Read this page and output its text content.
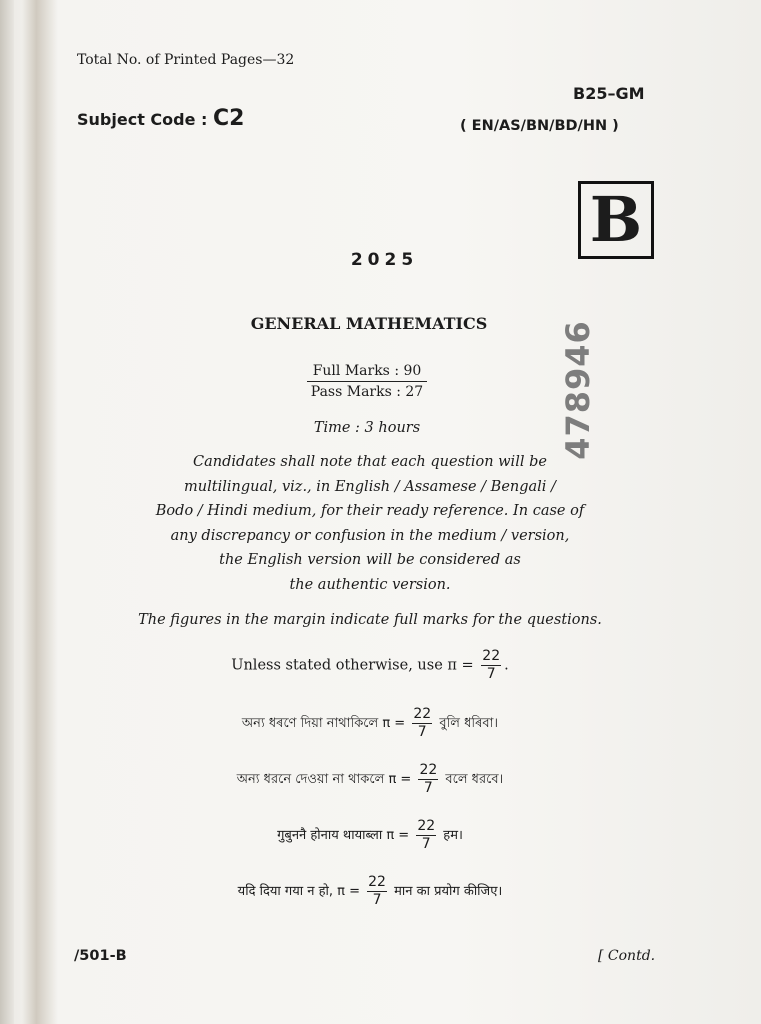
Total No. of Printed Pages—32
B25–GM
Subject Code : C2	( EN/AS/BN/BD/HN )
B
2025
GENERAL MATHEMATICS	478946
Full Marks : 90
Pass Marks : 27
Time : 3 hours
Candidates shall note that each question will be
multilingual, viz., in English / Assamese / Bengali /
Bodo / Hindi medium, for their ready reference. In case of
any discrepancy or confusion in the medium / version,
the English version will be considered as
the authentic version.
The figures in the margin indicate full marks for the questions.
Unless stated otherwise, use $\pi = \frac{22}{7}$ .
অন্য ধৰণে দিয়া নাথাকিলে $\pi = \frac{22}{7}$ বুলি ধৰিবা।
অন্য ধরনে দেওয়া না থাকলে $\pi = \frac{22}{7}$ বলে ধরবে।
गुबुननै होनाय थायाब्ला $\pi = \frac{22}{7}$ हम।
यदि दिया गया न हो, $\pi = \frac{22}{7}$ मान का प्रयोग कीजिए।
/501-B	[ Contd.
